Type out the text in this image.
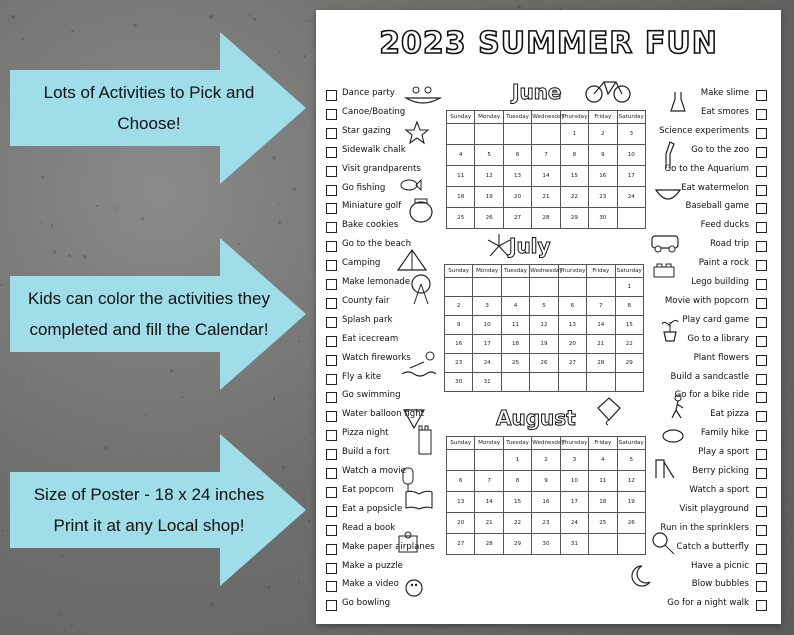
Lots of Activities to Pick and
Choose!
Kids can color the activities they
completed and fill the Calendar!
Size of Poster - 18 x 24 inches
Print it at any Local shop!
2023 SUMMER FUN
Dance party
Canoe/Boating
Star gazing
Sidewalk chalk
Visit grandparents
Go fishing
Miniature golf
Bake cookies
Go to the beach
Camping
Make lemonade
County fair
Splash park
Eat icecream
Watch fireworks
Fly a kite
Go swimming
Water balloon fight
Pizza night
Build a fort
Watch a movie
Eat popcorn
Eat a popsicle
Read a book
Make paper airplanes
Make a puzzle
Make a video
Go bowling
Make slime
Eat smores
Science experiments
Go to the zoo
Go to the Aquarium
Eat watermelon
Baseball game
Feed ducks
Road trip
Paint a rock
Lego building
Movie with popcorn
Play card game
Go to a library
Plant flowers
Build a sandcastle
Go for a bike ride
Eat pizza
Family hike
Play a sport
Berry picking
Watch a sport
Visit playground
Run in the sprinklers
Catch a butterfly
Have a picnic
Blow bubbles
Go for a night walk
June
July
August
Sunday	Monday	Tuesday	Wednesday	Thursday	Friday	Saturday
				1	2	3
4	5	6	7	8	9	10
11	12	13	14	15	16	17
18	19	20	21	22	23	24
25	26	27	28	29	30	
Sunday	Monday	Tuesday	Wednesday	Thursday	Friday	Saturday
						1
2	3	4	5	6	7	8
9	10	11	12	13	14	15
16	17	18	19	20	21	22
23	24	25	26	27	28	29
30	31					
Sunday	Monday	Tuesday	Wednesday	Thursday	Friday	Saturday
		1	2	3	4	5
6	7	8	9	10	11	12
13	14	15	16	17	18	19
20	21	22	23	24	25	26
27	28	29	30	31		
